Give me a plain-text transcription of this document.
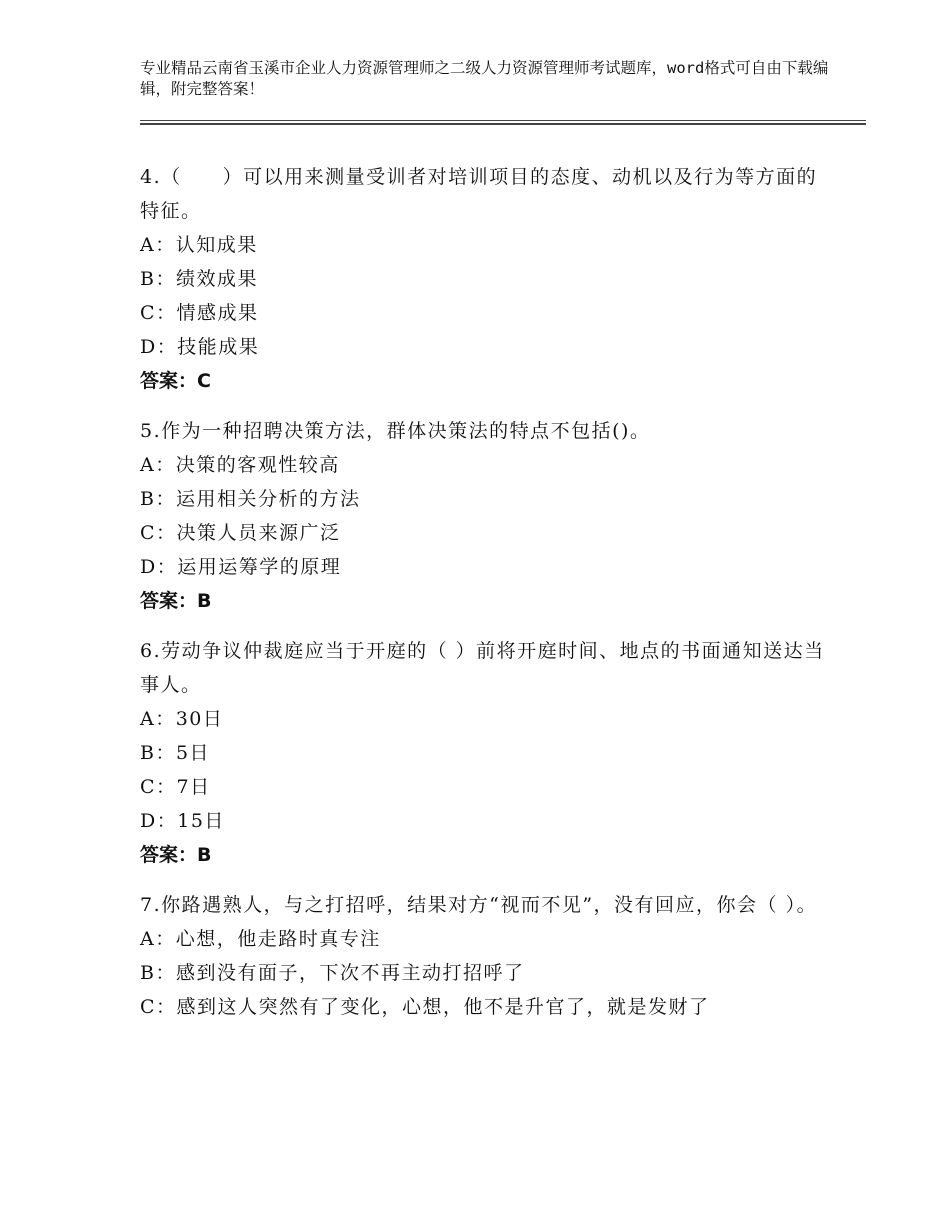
专业精品云南省玉溪市企业人力资源管理师之二级人力资源管理师考试题库，word格式可自由下载编辑，附完整答案！
4.（　　）可以用来测量受训者对培训项目的态度、动机以及行为等方面的特征。
A：认知成果
B：绩效成果
C：情感成果
D：技能成果
答案：C
5.作为一种招聘决策方法，群体决策法的特点不包括()。
A：决策的客观性较高
B：运用相关分析的方法
C：决策人员来源广泛
D：运用运筹学的原理
答案：B
6.劳动争议仲裁庭应当于开庭的（ ）前将开庭时间、地点的书面通知送达当事人。
A：30日
B：5日
C：7日
D：15日
答案：B
7.你路遇熟人，与之打招呼，结果对方“视而不见”，没有回应，你会（ ）。
A：心想，他走路时真专注
B：感到没有面子，下次不再主动打招呼了
C：感到这人突然有了变化，心想，他不是升官了，就是发财了
